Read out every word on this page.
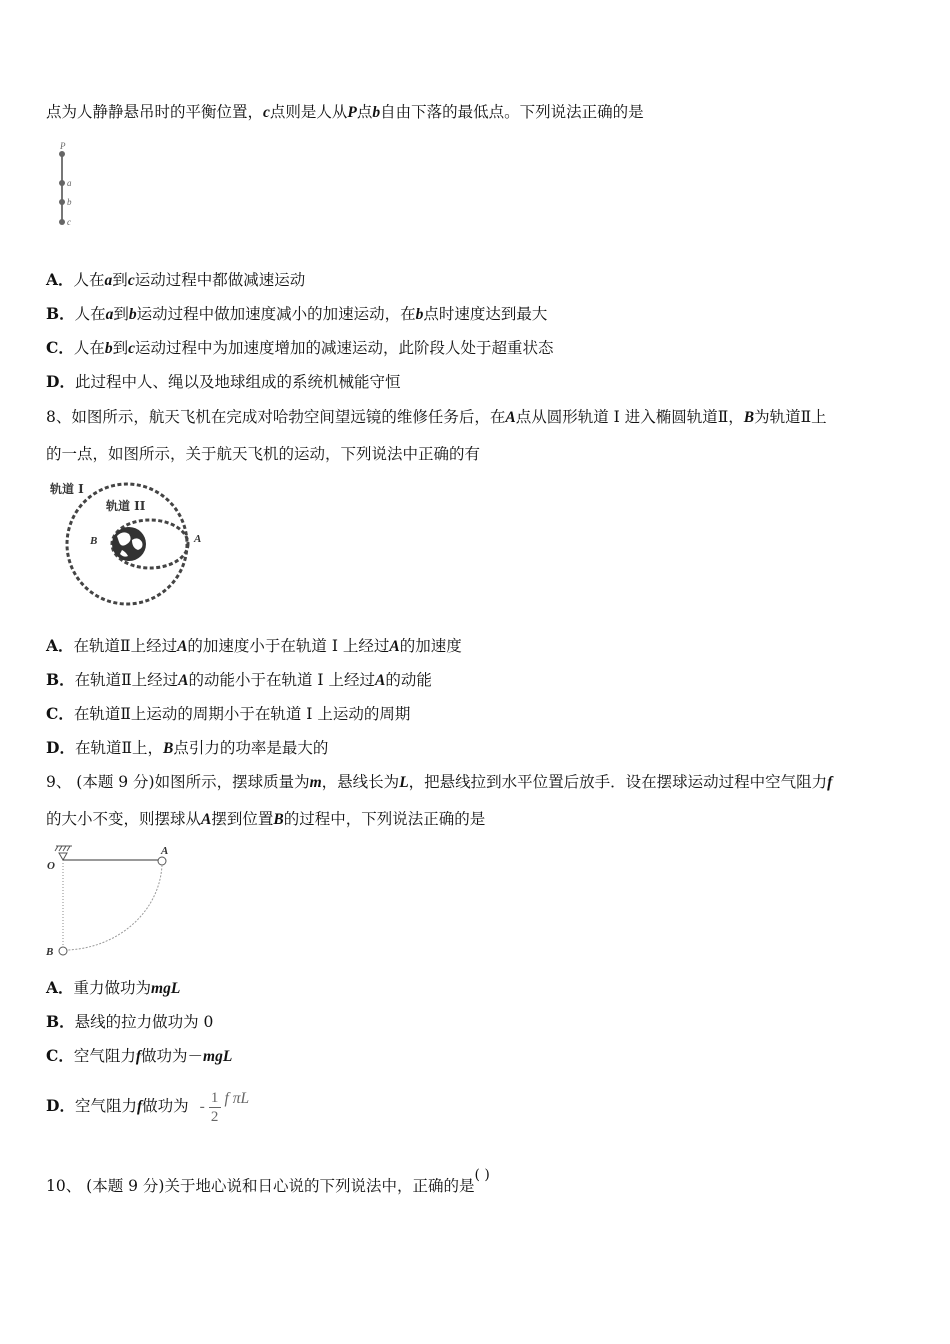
点为人静静悬吊时的平衡位置，c点则是人从P点b自由下落的最低点。下列说法正确的是
P
a
b
c
A．人在a到c运动过程中都做减速运动
B．人在a到b运动过程中做加速度减小的加速运动，在b点时速度达到最大
C．人在b到c运动过程中为加速度增加的减速运动，此阶段人处于超重状态
D．此过程中人、绳以及地球组成的系统机械能守恒
8、如图所示，航天飞机在完成对哈勃空间望远镜的维修任务后，在A点从圆形轨道 I 进入椭圆轨道Ⅱ，B为轨道Ⅱ上
的一点，如图所示，关于航天飞机的运动，下列说法中正确的有
轨道 I
轨道 II
B	A
A．在轨道Ⅱ上经过A的加速度小于在轨道 I 上经过A的加速度
B．在轨道Ⅱ上经过A的动能小于在轨道 I 上经过A的动能
C．在轨道Ⅱ上运动的周期小于在轨道 I 上运动的周期
D．在轨道Ⅱ上，B点引力的功率是最大的
9、 (本题 9 分)如图所示，摆球质量为m，悬线长为L，把悬线拉到水平位置后放手．设在摆球运动过程中空气阻力f
的大小不变，则摆球从A摆到位置B的过程中，下列说法正确的是
O
A
B
A．重力做功为mgL
B．悬线的拉力做功为 0
C．空气阻力f做功为－mgL
D．空气阻力f做功为 - $\frac{1}{2}$ f πL
10、 (本题 9 分)关于地心说和日心说的下列说法中，正确的是( )
